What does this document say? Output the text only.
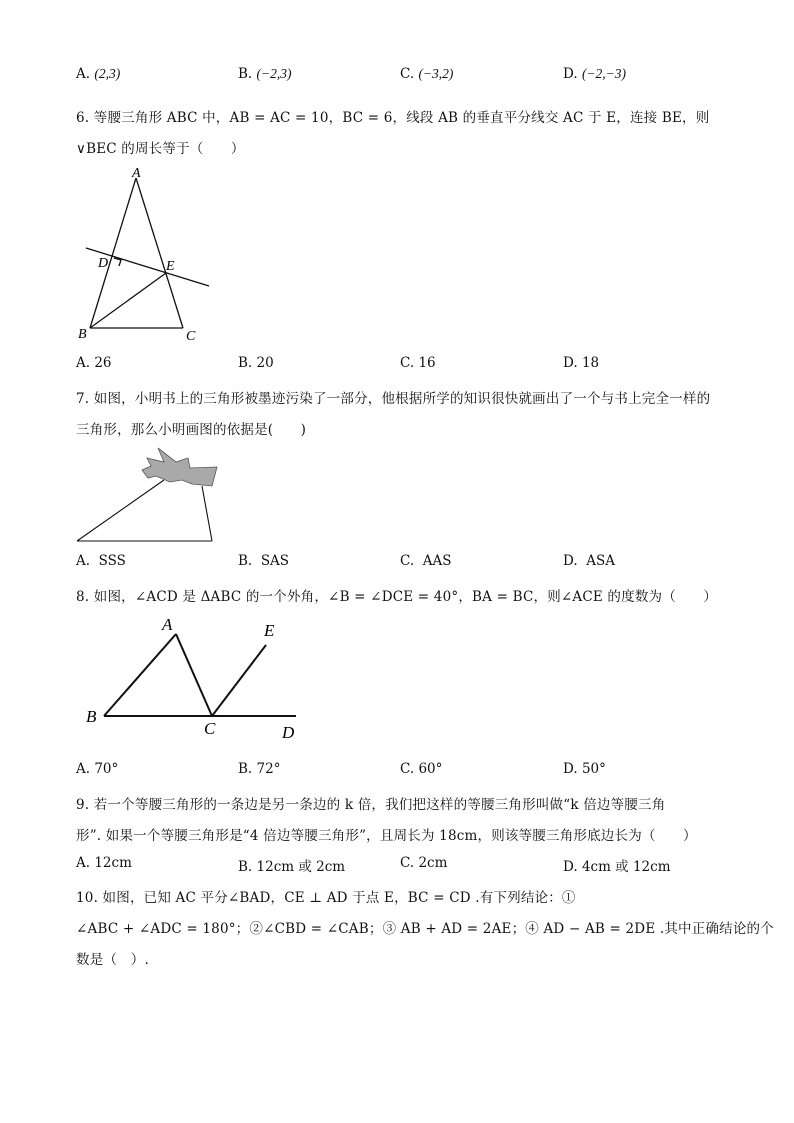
A. (2,3)	B. (−2,3)	C. (−3,2)	D. (−2,−3)
6. 等腰三角形 ABC 中，AB = AC = 10，BC = 6，线段 AB 的垂直平分线交 AC 于 E，连接 BE，则
∨BEC 的周长等于（　　）
A
D	E
B	C
A. 26	B. 20	C. 16	D. 18
7. 如图，小明书上的三角形被墨迹污染了一部分，他根据所学的知识很快就画出了一个与书上完全一样的
三角形，那么小明画图的依据是(　　)
A. SSS	B. SAS	C. AAS	D. ASA
8. 如图，∠ACD 是 ΔABC 的一个外角，∠B = ∠DCE = 40°，BA = BC，则∠ACE 的度数为（　　）
A	E
B
C	D
A. 70°	B. 72°	C. 60°	D. 50°
9. 若一个等腰三角形的一条边是另一条边的 k 倍，我们把这样的等腰三角形叫做“k 倍边等腰三角
形”. 如果一个等腰三角形是“4 倍边等腰三角形”，且周长为 18cm，则该等腰三角形底边长为（　　）
A. 12cm	B. 12cm 或 2cm	C. 2cm	D. 4cm 或 12cm
10. 如图，已知 AC 平分∠BAD，CE ⊥ AD 于点 E，BC = CD .有下列结论：①
∠ABC + ∠ADC = 180°；②∠CBD = ∠CAB；③ AB + AD = 2AE；④ AD − AB = 2DE .其中正确结论的个
数是（　）.
